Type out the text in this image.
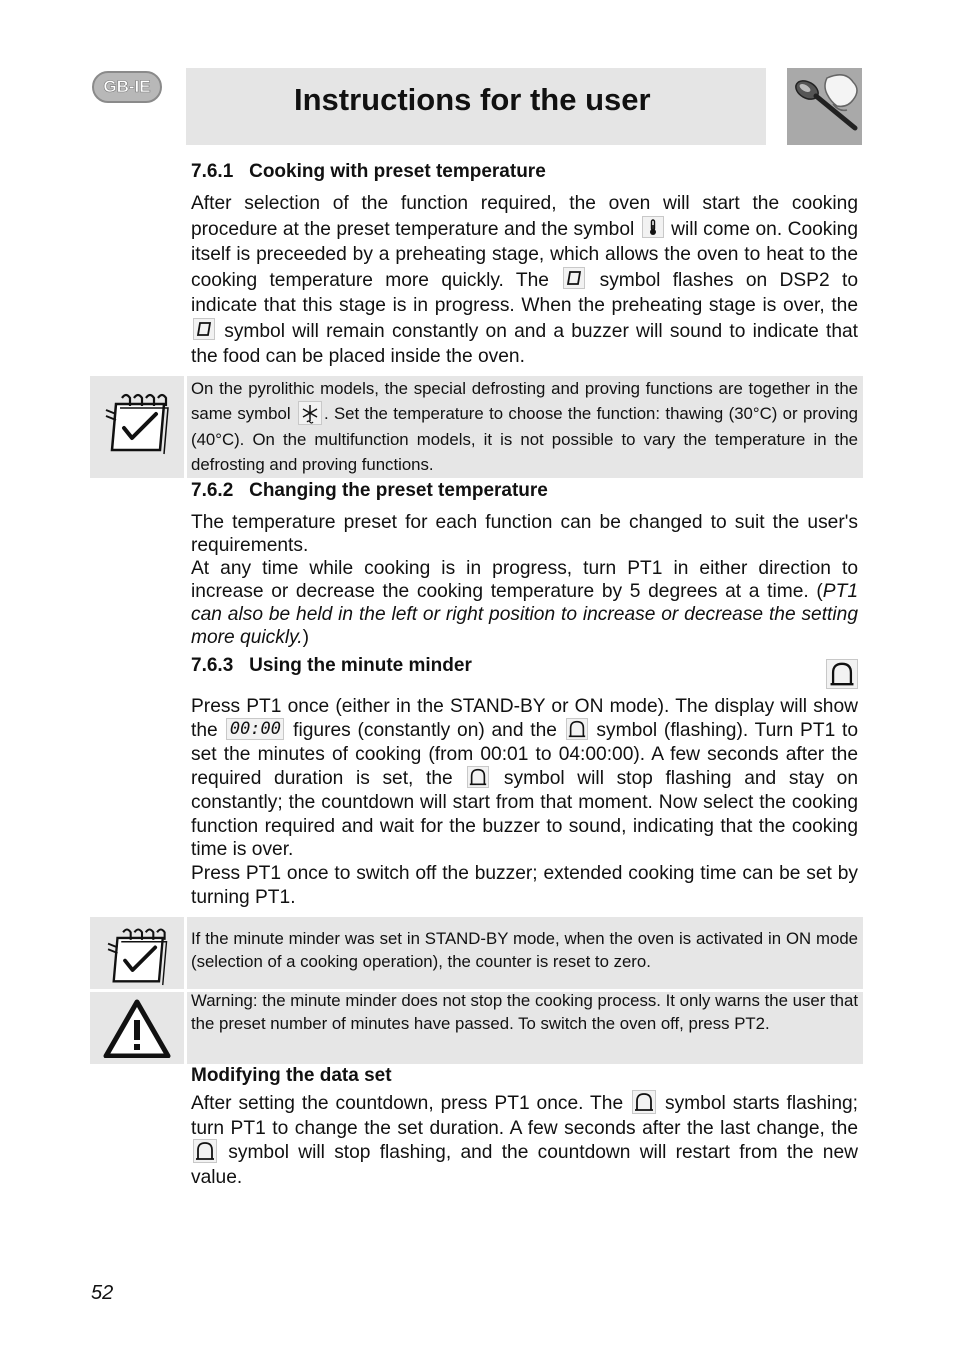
GB-IE	Instructions for the user
7.6.1   Cooking with preset temperature
After selection of the function required, the oven will start the cooking procedure at the preset temperature and the symbol  will come on. Cooking itself is preceeded by a preheating stage, which allows the oven to heat to the cooking temperature more quickly. The  symbol flashes on DSP2 to indicate that this stage is in progress. When the preheating stage is over, the  symbol will remain constantly on and a buzzer will sound to indicate that the food can be placed inside the oven.
On the pyrolithic models, the special defrosting and proving functions are together in the same symbol . Set the temperature to choose the function: thawing (30°C) or proving (40°C). On the multifunction models, it is not possible to vary the temperature in the defrosting and proving functions.
7.6.2   Changing the preset temperature

The temperature preset for each function can be changed to suit the user's requirements.

At any time while cooking is in progress, turn PT1 in either direction to increase or decrease the cooking temperature by 5 degrees at a time. (PT1 can also be held in the left or right position to increase or decrease the setting more quickly.)

7.6.3   Using the minute minder

Press PT1 once (either in the STAND-BY or ON mode). The display will show the 00:00 figures (constantly on) and the  symbol (flashing). Turn PT1 to set the minutes of cooking (from 00:01 to 04:00:00). A few seconds after the required duration is set, the  symbol will stop flashing and stay on constantly; the countdown will start from that moment. Now select the cooking function required and wait for the buzzer to sound, indicating that the cooking time is over.

Press PT1 once to switch off the buzzer; extended cooking time can be set by turning PT1.

If the minute minder was set in STAND-BY mode, when the oven is activated in ON mode (selection of a cooking operation), the counter is reset to zero.
Warning: the minute minder does not stop the cooking process. It only warns the user that the preset number of minutes have passed. To switch the oven off, press PT2.
Modifying the data set
After setting the countdown, press PT1 once. The  symbol starts flashing; turn PT1 to change the set duration. A few seconds after the last change, the  symbol will stop flashing, and the countdown will restart from the new value.
52
